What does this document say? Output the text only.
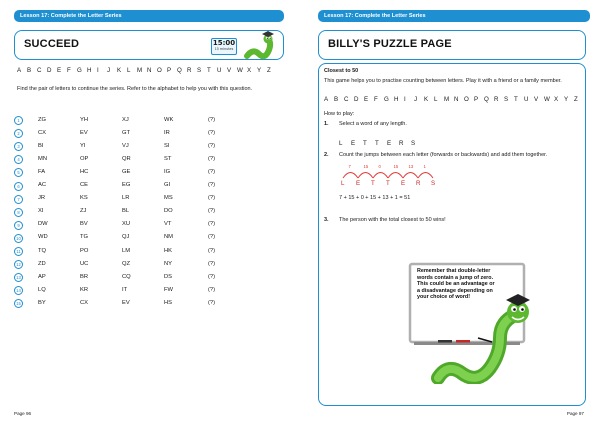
Lesson 17: Complete the Letter Series
SUCCEED	15:00
15 minutes
A B C D E F G H I J K L M N O P Q R S T U V W X Y Z
Find the pair of letters to continue the series. Refer to the alphabet to help you with this question.
1	ZG	YH	XJ	WK	(?)
2	CX	EV	GT	IR	(?)
3	BI	YI	VJ	SI	(?)
4	MN	OP	QR	ST	(?)
5	FA	HC	GE	IG	(?)
6	AC	CE	EG	GI	(?)
7	JR	KS	LR	MS	(?)
8	XI	ZJ	BL	DO	(?)
9	DW	BV	XU	VT	(?)
10	WD	TG	QJ	NM	(?)
11	TQ	PO	LM	HK	(?)
12	ZD	UC	QZ	NY	(?)
13	AP	BR	CQ	DS	(?)
14	LQ	KR	IT	FW	(?)
15	BY	CX	EV	HS	(?)
Page 96
Lesson 17: Complete the Letter Series
BILLY'S PUZZLE PAGE
Closest to 50
This game helps you to practise counting between letters. Play it with a friend or a family member.
A B C D E F G H I J K L M N O P Q R S T U V W X Y Z
How to play:
1. Select a word of any length.
L E T T E R S
2. Count the jumps between each letter (forwards or backwards) and add them together.
L E T T E R S
7	15 0	15 13 1
7 + 15 + 0 + 15 + 13 + 1 = 51
3. The person with the total closest to 50 wins!
Remember that double-letter words contain a jump of zero. This could be an advantage or a disadvantage depending on your choice of word!
Page 97
